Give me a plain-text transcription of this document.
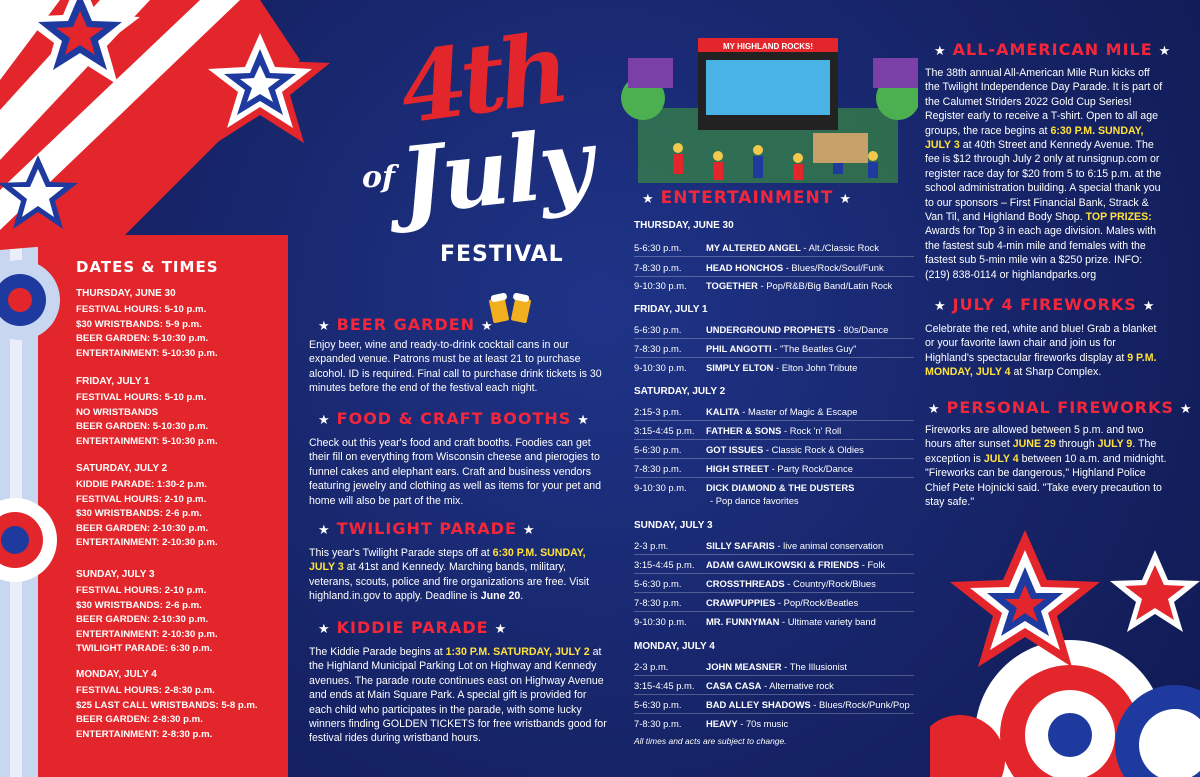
4th
of July
FESTIVAL
MY HIGHLAND ROCKS!
DATES & TIMES
THURSDAY, JUNE 30
FESTIVAL HOURS: 5-10 p.m.
$30 WRISTBANDS: 5-9 p.m.
BEER GARDEN: 5-10:30 p.m.
ENTERTAINMENT: 5-10:30 p.m.
FRIDAY, JULY 1
FESTIVAL HOURS: 5-10 p.m.
NO WRISTBANDS
BEER GARDEN: 5-10:30 p.m.
ENTERTAINMENT: 5-10:30 p.m.
SATURDAY, JULY 2
KIDDIE PARADE: 1:30-2 p.m.
FESTIVAL HOURS: 2-10 p.m.
$30 WRISTBANDS: 2-6 p.m.
BEER GARDEN: 2-10:30 p.m.
ENTERTAINMENT: 2-10:30 p.m.
SUNDAY, JULY 3
FESTIVAL HOURS: 2-10 p.m.
$30 WRISTBANDS: 2-6 p.m.
BEER GARDEN: 2-10:30 p.m.
ENTERTAINMENT: 2-10:30 p.m.
TWILIGHT PARADE: 6:30 p.m.
MONDAY, JULY 4
FESTIVAL HOURS: 2-8:30 p.m.
$25 LAST CALL WRISTBANDS: 5-8 p.m.
BEER GARDEN: 2-8:30 p.m.
ENTERTAINMENT: 2-8:30 p.m.
★ BEER GARDEN ★
Enjoy beer, wine and ready-to-drink cocktail cans in our expanded venue. Patrons must be at least 21 to purchase alcohol. ID is required. Final call to purchase drink tickets is 30 minutes before the end of the festival each night.
★ FOOD & CRAFT BOOTHS ★
Check out this year's food and craft booths. Foodies can get their fill on everything from Wisconsin cheese and pierogies to funnel cakes and elephant ears. Craft and business vendors featuring jewelry and clothing as well as items for your pet and home will also be part of the mix.
★ TWILIGHT PARADE ★
This year's Twilight Parade steps off at 6:30 P.M. SUNDAY, JULY 3 at 41st and Kennedy. Marching bands, military, veterans, scouts, police and fire organizations are free. Visit highland.in.gov to apply. Deadline is June 20.
★ KIDDIE PARADE ★
The Kiddie Parade begins at 1:30 P.M. SATURDAY, JULY 2 at the Highland Municipal Parking Lot on Highway and Kennedy avenues. The parade route continues east on Highway Avenue and ends at Main Square Park. A special gift is provided for each child who participates in the parade, with some lucky winners finding GOLDEN TICKETS for free wristbands good for festival rides during wristband hours.
★ ENTERTAINMENT ★
THURSDAY, JUNE 30
5-6:30 p.m.	MY ALTERED ANGEL - Alt./Classic Rock
7-8:30 p.m.	HEAD HONCHOS - Blues/Rock/Soul/Funk
9-10:30 p.m. TOGETHER - Pop/R&B/Big Band/Latin Rock
FRIDAY, JULY 1
5-6:30 p.m.	UNDERGROUND PROPHETS - 80s/Dance
7-8:30 p.m.	PHIL ANGOTTI - "The Beatles Guy"
9-10:30 p.m. SIMPLY ELTON - Elton John Tribute
SATURDAY, JULY 2
2:15-3 p.m.	KALITA - Master of Magic & Escape
3:15-4:45 p.m. FATHER & SONS - Rock 'n' Roll
5-6:30 p.m.	GOT ISSUES - Classic Rock & Oldies
7-8:30 p.m.	HIGH STREET - Party Rock/Dance
9-10:30 p.m. DICK DIAMOND & THE DUSTERS
- Pop dance favorites
SUNDAY, JULY 3
2-3 p.m.	SILLY SAFARIS - live animal conservation
3:15-4:45 p.m. ADAM GAWLIKOWSKI & FRIENDS - Folk
5-6:30 p.m.	CROSSTHREADS - Country/Rock/Blues
7-8:30 p.m.	CRAWPUPPIES - Pop/Rock/Beatles
9-10:30 p.m. MR. FUNNYMAN - Ultimate variety band
MONDAY, JULY 4
2-3 p.m.	JOHN MEASNER - The Illusionist
3:15-4:45 p.m. CASA CASA - Alternative rock
5-6:30 p.m.	BAD ALLEY SHADOWS - Blues/Rock/Punk/Pop
7-8:30 p.m.	HEAVY - 70s music
All times and acts are subject to change.
★ ALL-AMERICAN MILE ★
The 38th annual All-American Mile Run kicks off the Twilight Independence Day Parade. It is part of the Calumet Striders 2022 Gold Cup Series! Register early to receive a T-shirt. Open to all age groups, the race begins at 6:30 P.M. SUNDAY, JULY 3 at 40th Street and Kennedy Avenue. The fee is $12 through July 2 only at runsignup.com or register race day for $20 from 5 to 6:15 p.m. at the school administration building. A special thank you to our sponsors – First Financial Bank, Strack & Van Til, and Highland Body Shop. TOP PRIZES: Awards for Top 3 in each age division. Males with the fastest sub 4-min mile and females with the fastest sub 5-min mile win a $250 prize. INFO: (219) 838-0114 or highlandparks.org
★ JULY 4 FIREWORKS ★
Celebrate the red, white and blue! Grab a blanket or your favorite lawn chair and join us for Highland's spectacular fireworks display at 9 P.M. MONDAY, JULY 4 at Sharp Complex.
★ PERSONAL FIREWORKS ★
Fireworks are allowed between 5 p.m. and two hours after sunset JUNE 29 through JULY 9. The exception is JULY 4 between 10 a.m. and midnight. "Fireworks can be dangerous," Highland Police Chief Pete Hojnicki said. "Take every precaution to stay safe."
